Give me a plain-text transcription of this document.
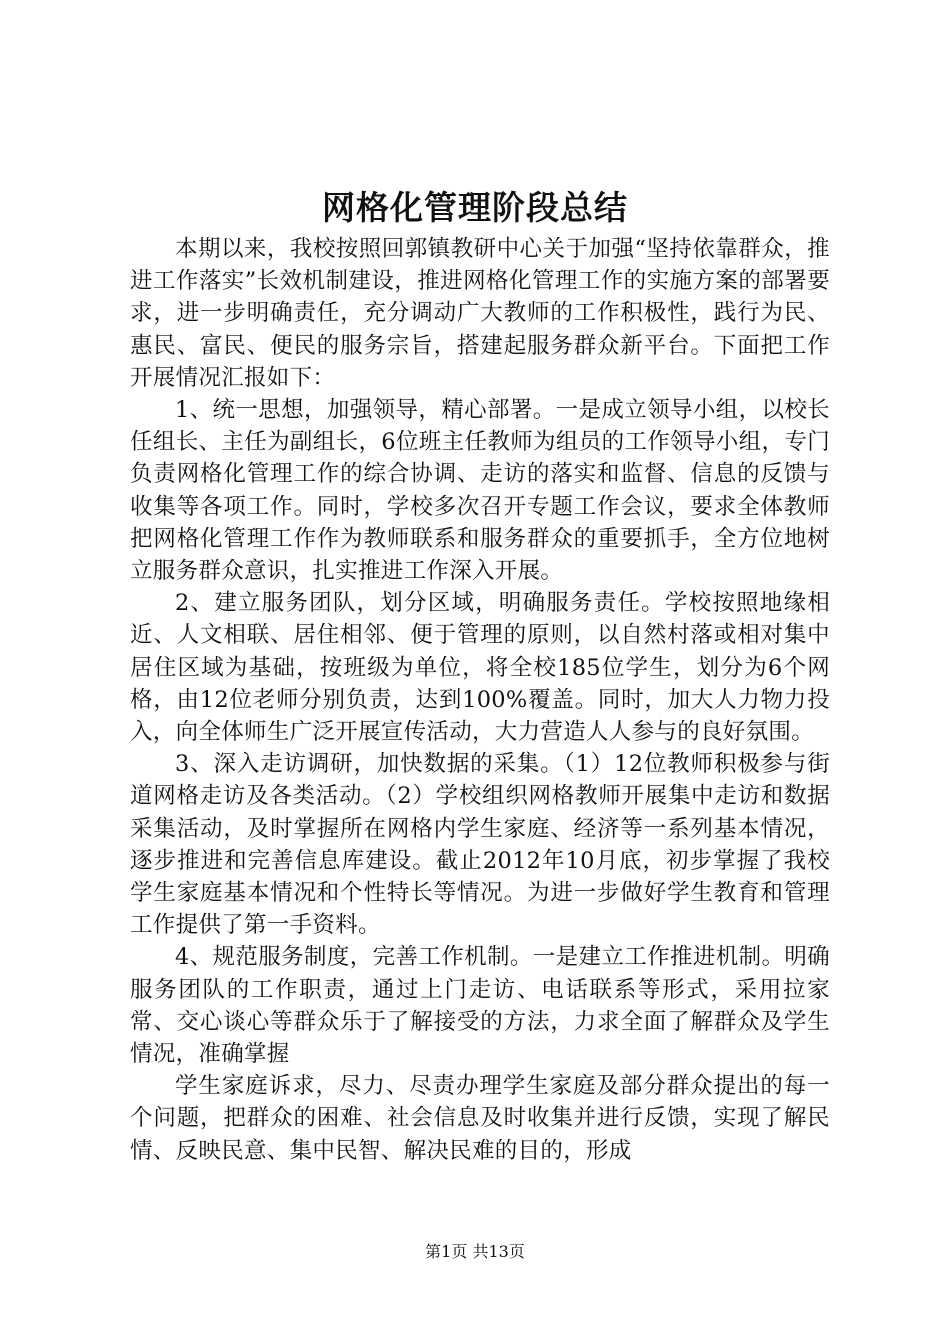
网格化管理阶段总结

本期以来，我校按照回郭镇教研中心关于加强“坚持依靠群众，推进工作落实”长效机制建设，推进网格化管理工作的实施方案的部署要求，进一步明确责任，充分调动广大教师的工作积极性，践行为民、惠民、富民、便民的服务宗旨，搭建起服务群众新平台。下面把工作开展情况汇报如下：

1、统一思想，加强领导，精心部署。一是成立领导小组，以校长任组长、主任为副组长，6位班主任教师为组员的工作领导小组，专门负责网格化管理工作的综合协调、走访的落实和监督、信息的反馈与收集等各项工作。同时，学校多次召开专题工作会议，要求全体教师把网格化管理工作作为教师联系和服务群众的重要抓手，全方位地树立服务群众意识，扎实推进工作深入开展。

2、建立服务团队，划分区域，明确服务责任。学校按照地缘相近、人文相联、居住相邻、便于管理的原则，以自然村落或相对集中居住区域为基础，按班级为单位，将全校185位学生，划分为6个网格，由12位老师分别负责，达到100%覆盖。同时，加大人力物力投入，向全体师生广泛开展宣传活动，大力营造人人参与的良好氛围。

3、深入走访调研，加快数据的采集。（1）12位教师积极参与街道网格走访及各类活动。（2）学校组织网格教师开展集中走访和数据采集活动，及时掌握所在网格内学生家庭、经济等一系列基本情况，逐步推进和完善信息库建设。截止2012年10月底，初步掌握了我校学生家庭基本情况和个性特长等情况。为进一步做好学生教育和管理工作提供了第一手资料。

4、规范服务制度，完善工作机制。一是建立工作推进机制。明确服务团队的工作职责，通过上门走访、电话联系等形式，采用拉家常、交心谈心等群众乐于了解接受的方法，力求全面了解群众及学生情况，准确掌握

学生家庭诉求，尽力、尽责办理学生家庭及部分群众提出的每一个问题，把群众的困难、社会信息及时收集并进行反馈，实现了解民情、反映民意、集中民智、解决民难的目的，形成

第1页 共13页
